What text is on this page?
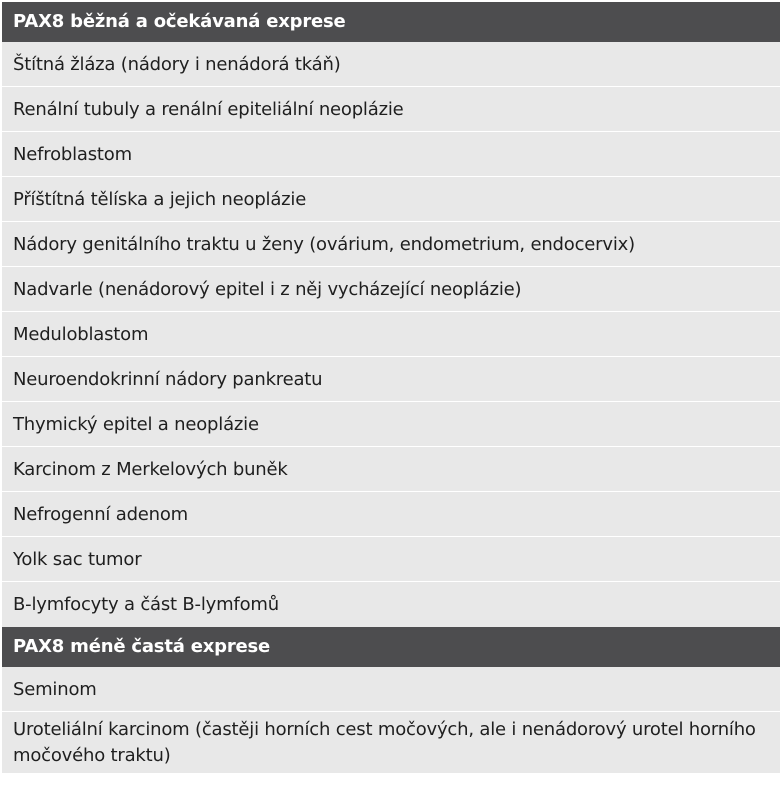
PAX8 běžná a očekávaná exprese
Štítná žláza (nádory i nenádorá tkáň)
Renální tubuly a renální epiteliální neoplázie
Nefroblastom
Příštítná tělíska a jejich neoplázie
Nádory genitálního traktu u ženy (ovárium, endometrium, endocervix)
Nadvarle (nenádorový epitel i z něj vycházející neoplázie)
Meduloblastom
Neuroendokrinní nádory pankreatu
Thymický epitel a neoplázie
Karcinom z Merkelových buněk
Nefrogenní adenom
Yolk sac tumor
B-lymfocyty a část B-lymfomů
PAX8 méně častá exprese
Seminom
Uroteliální karcinom (častěji horních cest močových, ale i nenádorový urotel horního močového traktu)
